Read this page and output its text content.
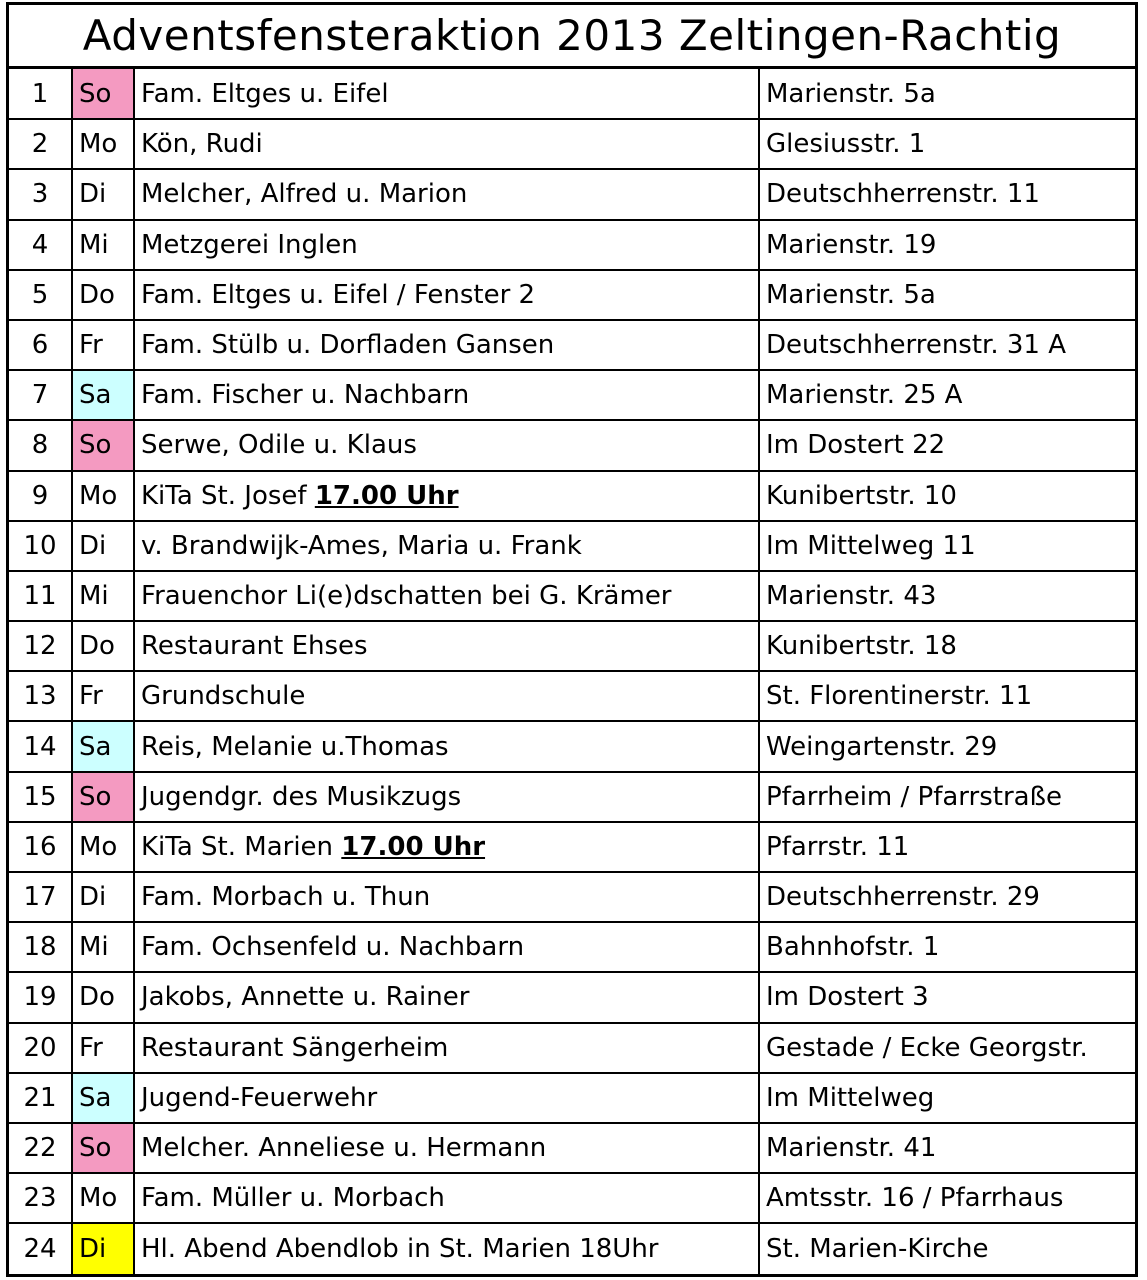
Adventsfensteraktion 2013 Zeltingen-Rachtig
1	So	Fam. Eltges u. Eifel	Marienstr. 5a
2	Mo	Kön, Rudi	Glesiusstr. 1
3	Di	Melcher, Alfred u. Marion	Deutschherrenstr. 11
4	Mi	Metzgerei Inglen	Marienstr. 19
5	Do	Fam. Eltges u. Eifel / Fenster 2	Marienstr. 5a
6	Fr	Fam. Stülb u. Dorfladen Gansen	Deutschherrenstr. 31 A
7	Sa	Fam. Fischer u. Nachbarn	Marienstr. 25 A
8	So	Serwe, Odile u. Klaus	Im Dostert 22
9	Mo	KiTa St. Josef 17.00 Uhr	Kunibertstr. 10
10	Di	v. Brandwijk-Ames, Maria u. Frank	Im Mittelweg 11
11	Mi	Frauenchor Li(e)dschatten bei G. Krämer	Marienstr. 43
12	Do	Restaurant Ehses	Kunibertstr. 18
13	Fr	Grundschule	St. Florentinerstr. 11
14	Sa	Reis, Melanie u.Thomas	Weingartenstr. 29
15	So	Jugendgr. des Musikzugs	Pfarrheim / Pfarrstraße
16	Mo	KiTa St. Marien 17.00 Uhr	Pfarrstr. 11
17	Di	Fam. Morbach u. Thun	Deutschherrenstr. 29
18	Mi	Fam. Ochsenfeld u. Nachbarn	Bahnhofstr. 1
19	Do	Jakobs, Annette u. Rainer	Im Dostert 3
20	Fr	Restaurant Sängerheim	Gestade / Ecke Georgstr.
21	Sa	Jugend-Feuerwehr	Im Mittelweg
22	So	Melcher. Anneliese u. Hermann	Marienstr. 41
23	Mo	Fam. Müller u. Morbach	Amtsstr. 16 / Pfarrhaus
24	Di	Hl. Abend Abendlob in St. Marien 18Uhr	St. Marien-Kirche
